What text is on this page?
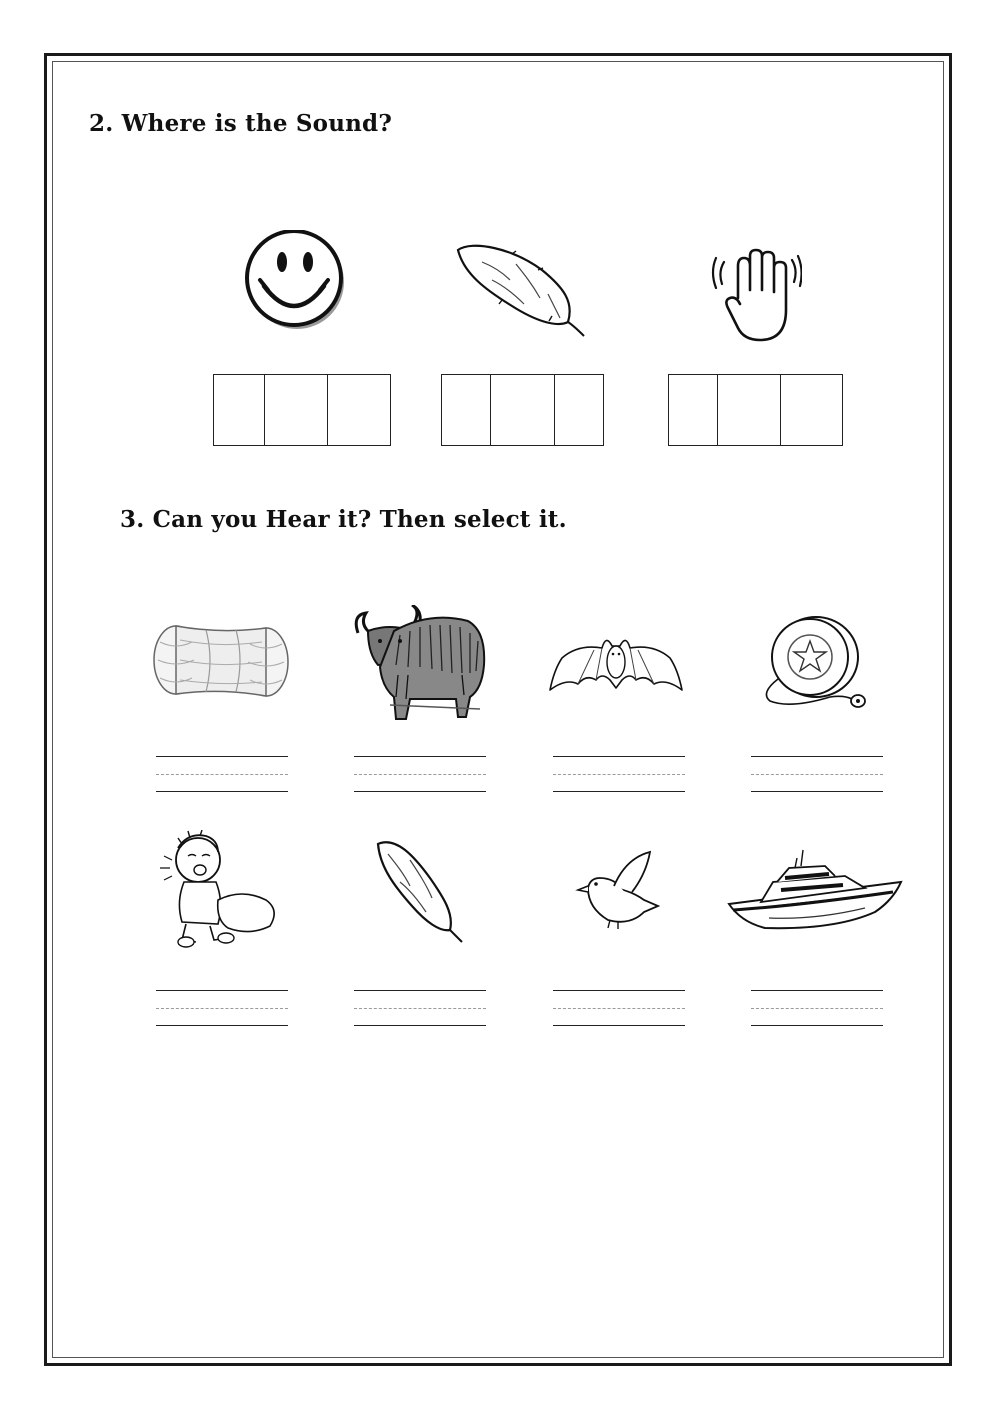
2. Where is the Sound?
3. Can you Hear it? Then select it.
